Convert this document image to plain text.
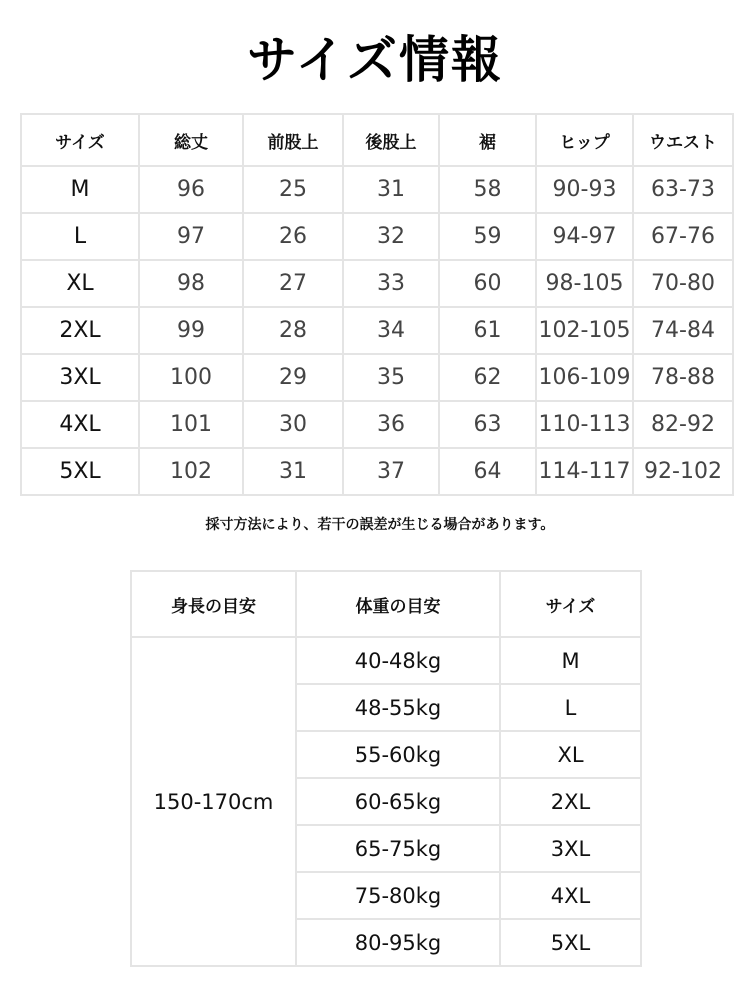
サイズ情報
サイズ	総丈	前股上	後股上	裾	ヒップ	ウエスト
M	96	25	31	58	90-93	63-73
L	97	26	32	59	94-97	67-76
XL	98	27	33	60	98-105	70-80
2XL	99	28	34	61	102-105	74-84
3XL	100	29	35	62	106-109	78-88
4XL	101	30	36	63	110-113	82-92
5XL	102	31	37	64	114-117	92-102
採寸方法により、若干の誤差が生じる場合があります。
身長の目安	体重の目安	サイズ
150-170cm	40-48kg	M
	48-55kg	L
	55-60kg	XL
	60-65kg	2XL
	65-75kg	3XL
	75-80kg	4XL
	80-95kg	5XL
